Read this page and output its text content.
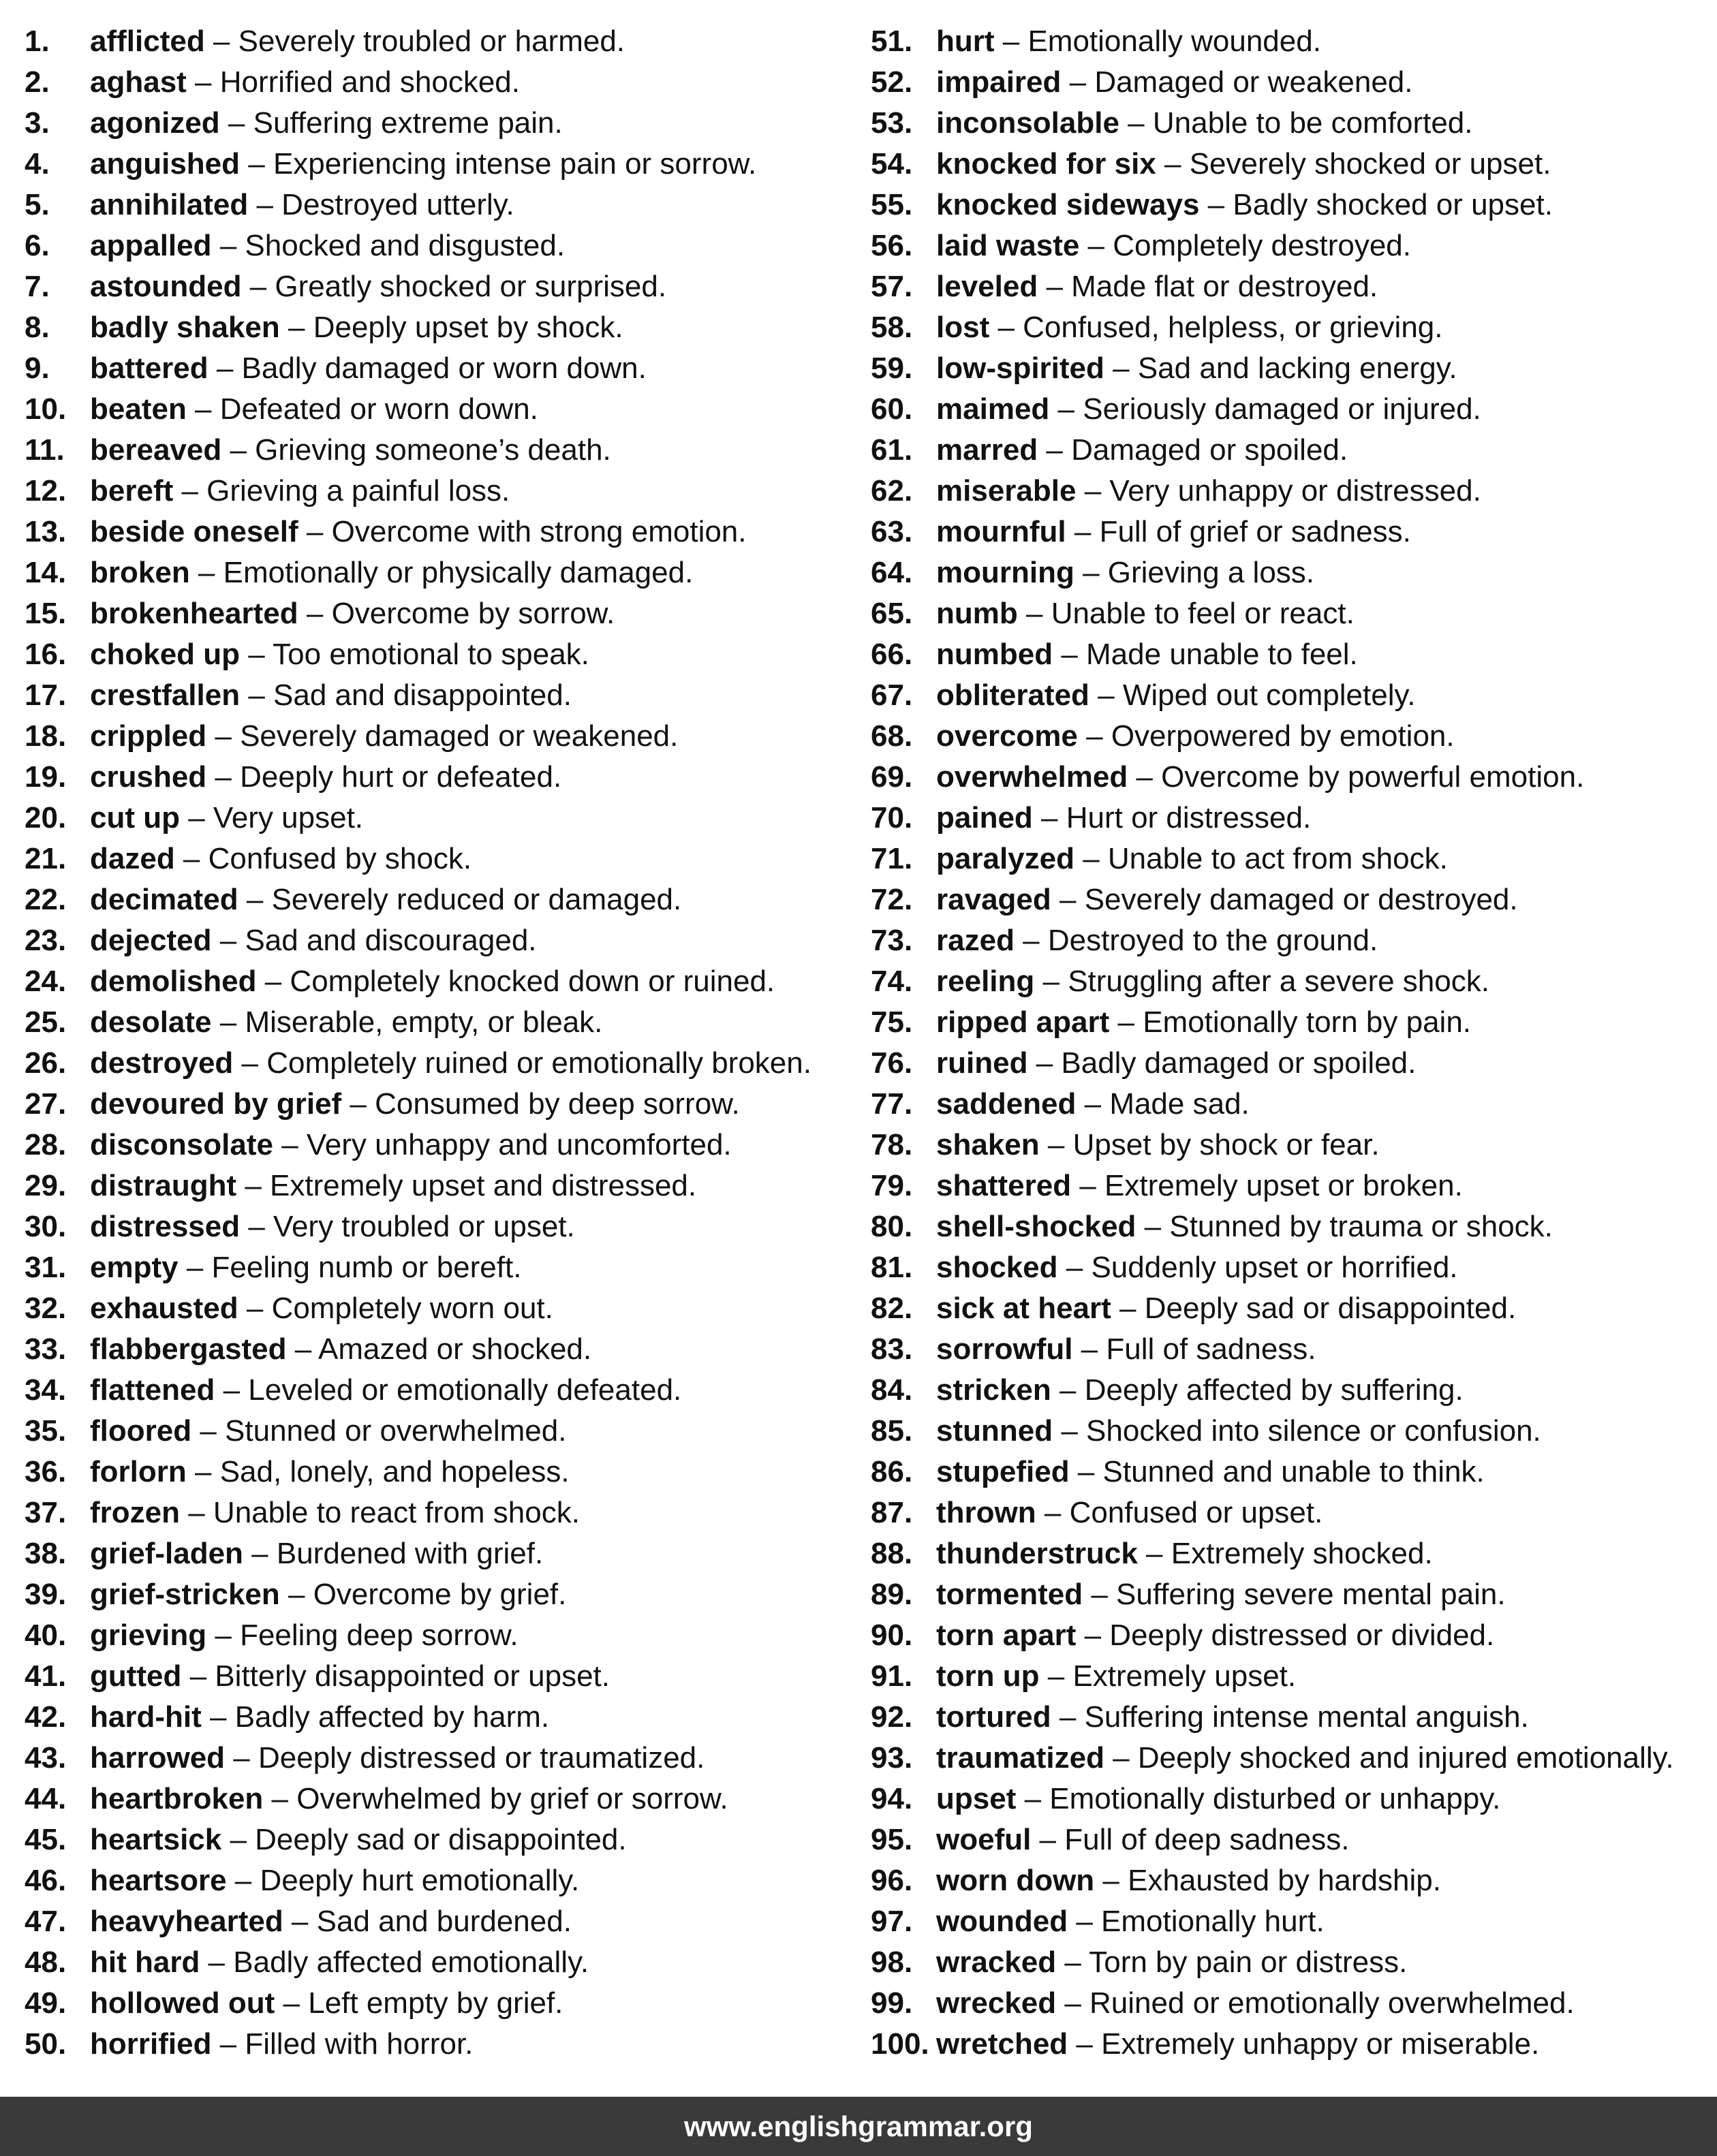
1. afflicted – Severely troubled or harmed.
2. aghast – Horrified and shocked.
3. agonized – Suffering extreme pain.
4. anguished – Experiencing intense pain or sorrow.
5. annihilated – Destroyed utterly.
6. appalled – Shocked and disgusted.
7. astounded – Greatly shocked or surprised.
8. badly shaken – Deeply upset by shock.
9. battered – Badly damaged or worn down.
10. beaten – Defeated or worn down.
11. bereaved – Grieving someone’s death.
12. bereft – Grieving a painful loss.
13. beside oneself – Overcome with strong emotion.
14. broken – Emotionally or physically damaged.
15. brokenhearted – Overcome by sorrow.
16. choked up – Too emotional to speak.
17. crestfallen – Sad and disappointed.
18. crippled – Severely damaged or weakened.
19. crushed – Deeply hurt or defeated.
20. cut up – Very upset.
21. dazed – Confused by shock.
22. decimated – Severely reduced or damaged.
23. dejected – Sad and discouraged.
24. demolished – Completely knocked down or ruined.
25. desolate – Miserable, empty, or bleak.
26. destroyed – Completely ruined or emotionally broken.
27. devoured by grief – Consumed by deep sorrow.
28. disconsolate – Very unhappy and uncomforted.
29. distraught – Extremely upset and distressed.
30. distressed – Very troubled or upset.
31. empty – Feeling numb or bereft.
32. exhausted – Completely worn out.
33. flabbergasted – Amazed or shocked.
34. flattened – Leveled or emotionally defeated.
35. floored – Stunned or overwhelmed.
36. forlorn – Sad, lonely, and hopeless.
37. frozen – Unable to react from shock.
38. grief-laden – Burdened with grief.
39. grief-stricken – Overcome by grief.
40. grieving – Feeling deep sorrow.
41. gutted – Bitterly disappointed or upset.
42. hard-hit – Badly affected by harm.
43. harrowed – Deeply distressed or traumatized.
44. heartbroken – Overwhelmed by grief or sorrow.
45. heartsick – Deeply sad or disappointed.
46. heartsore – Deeply hurt emotionally.
47. heavyhearted – Sad and burdened.
48. hit hard – Badly affected emotionally.
49. hollowed out – Left empty by grief.
50. horrified – Filled with horror.
51. hurt – Emotionally wounded.
52. impaired – Damaged or weakened.
53. inconsolable – Unable to be comforted.
54. knocked for six – Severely shocked or upset.
55. knocked sideways – Badly shocked or upset.
56. laid waste – Completely destroyed.
57. leveled – Made flat or destroyed.
58. lost – Confused, helpless, or grieving.
59. low-spirited – Sad and lacking energy.
60. maimed – Seriously damaged or injured.
61. marred – Damaged or spoiled.
62. miserable – Very unhappy or distressed.
63. mournful – Full of grief or sadness.
64. mourning – Grieving a loss.
65. numb – Unable to feel or react.
66. numbed – Made unable to feel.
67. obliterated – Wiped out completely.
68. overcome – Overpowered by emotion.
69. overwhelmed – Overcome by powerful emotion.
70. pained – Hurt or distressed.
71. paralyzed – Unable to act from shock.
72. ravaged – Severely damaged or destroyed.
73. razed – Destroyed to the ground.
74. reeling – Struggling after a severe shock.
75. ripped apart – Emotionally torn by pain.
76. ruined – Badly damaged or spoiled.
77. saddened – Made sad.
78. shaken – Upset by shock or fear.
79. shattered – Extremely upset or broken.
80. shell-shocked – Stunned by trauma or shock.
81. shocked – Suddenly upset or horrified.
82. sick at heart – Deeply sad or disappointed.
83. sorrowful – Full of sadness.
84. stricken – Deeply affected by suffering.
85. stunned – Shocked into silence or confusion.
86. stupefied – Stunned and unable to think.
87. thrown – Confused or upset.
88. thunderstruck – Extremely shocked.
89. tormented – Suffering severe mental pain.
90. torn apart – Deeply distressed or divided.
91. torn up – Extremely upset.
92. tortured – Suffering intense mental anguish.
93. traumatized – Deeply shocked and injured emotionally.
94. upset – Emotionally disturbed or unhappy.
95. woeful – Full of deep sadness.
96. worn down – Exhausted by hardship.
97. wounded – Emotionally hurt.
98. wracked – Torn by pain or distress.
99. wrecked – Ruined or emotionally overwhelmed.
100. wretched – Extremely unhappy or miserable.
www.englishgrammar.org
